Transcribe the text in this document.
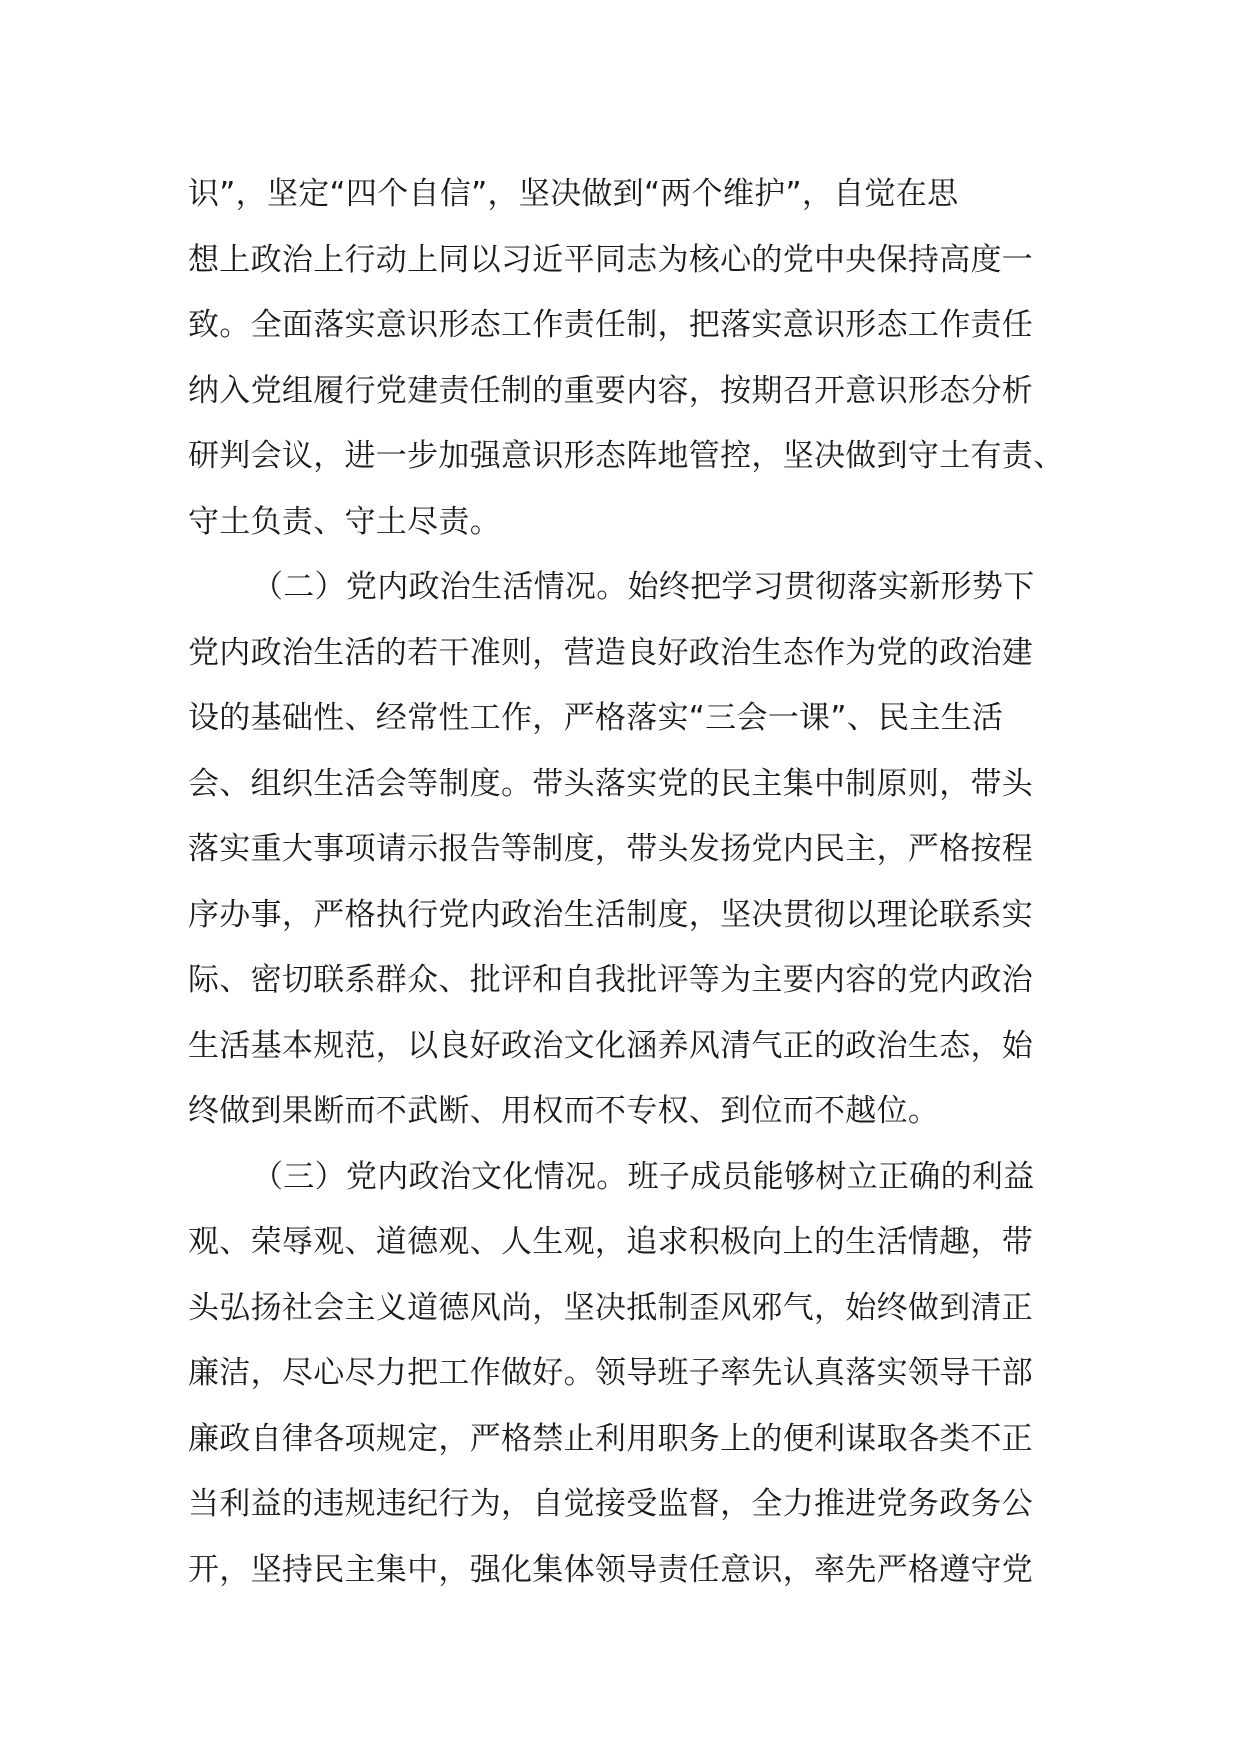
识”，坚定“四个自信”，坚决做到“两个维护”，自觉在思
想上政治上行动上同以习近平同志为核心的党中央保持高度一
致。全面落实意识形态工作责任制，把落实意识形态工作责任
纳入党组履行党建责任制的重要内容，按期召开意识形态分析
研判会议，进一步加强意识形态阵地管控，坚决做到守土有责、
守土负责、守土尽责。
（二）党内政治生活情况。始终把学习贯彻落实新形势下
党内政治生活的若干准则，营造良好政治生态作为党的政治建
设的基础性、经常性工作，严格落实“三会一课”、民主生活
会、组织生活会等制度。带头落实党的民主集中制原则，带头
落实重大事项请示报告等制度，带头发扬党内民主，严格按程
序办事，严格执行党内政治生活制度，坚决贯彻以理论联系实
际、密切联系群众、批评和自我批评等为主要内容的党内政治
生活基本规范，以良好政治文化涵养风清气正的政治生态，始
终做到果断而不武断、用权而不专权、到位而不越位。
（三）党内政治文化情况。班子成员能够树立正确的利益
观、荣辱观、道德观、人生观，追求积极向上的生活情趣，带
头弘扬社会主义道德风尚，坚决抵制歪风邪气，始终做到清正
廉洁，尽心尽力把工作做好。领导班子率先认真落实领导干部
廉政自律各项规定，严格禁止利用职务上的便利谋取各类不正
当利益的违规违纪行为，自觉接受监督，全力推进党务政务公
开，坚持民主集中，强化集体领导责任意识，率先严格遵守党
